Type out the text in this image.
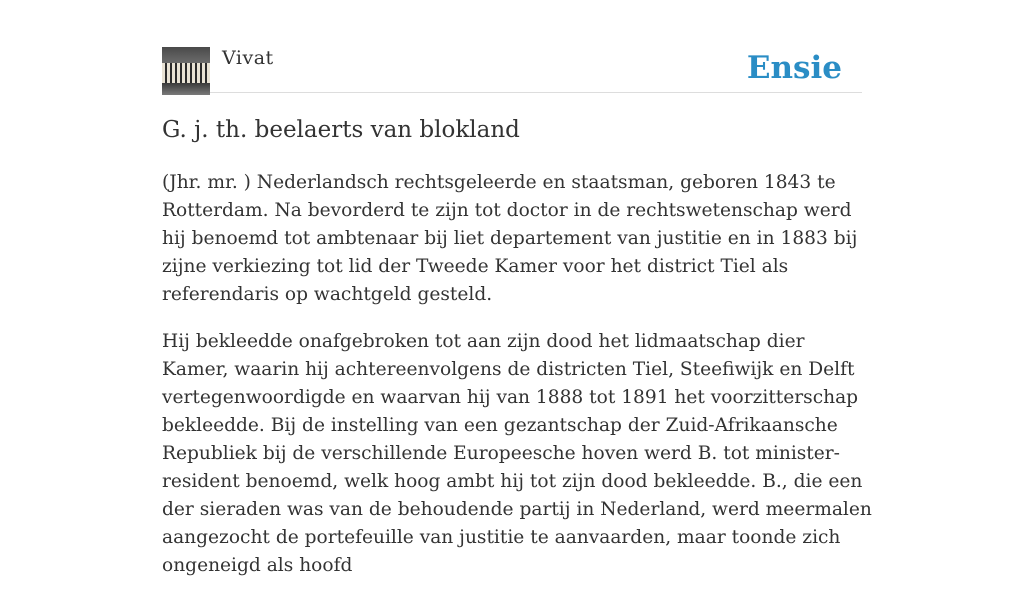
Vivat	Ensie
G. j. th. beelaerts van blokland

(Jhr. mr. ) Nederlandsch rechtsgeleerde en staatsman, geboren 1843 te Rotterdam. Na bevorderd te zijn tot doctor in de rechtswetenschap werd hij benoemd tot ambtenaar bij liet departement van justitie en in 1883 bij zijne verkiezing tot lid der Tweede Kamer voor het district Tiel als referendaris op wachtgeld gesteld.

Hij bekleedde onafgebroken tot aan zijn dood het lidmaatschap dier Kamer, waarin hij achtereenvolgens de districten Tiel, Steefiwijk en Delft vertegenwoordigde en waarvan hij van 1888 tot 1891 het voorzitterschap bekleedde. Bij de instelling van een gezantschap der Zuid-Afrikaansche Republiek bij de verschillende Europeesche hoven werd B. tot minister-resident benoemd, welk hoog ambt hij tot zijn dood bekleedde. B., die een der sieraden was van de behoudende partij in Nederland, werd meermalen aangezocht de portefeuille van justitie te aanvaarden, maar toonde zich ongeneigd als hoofd
